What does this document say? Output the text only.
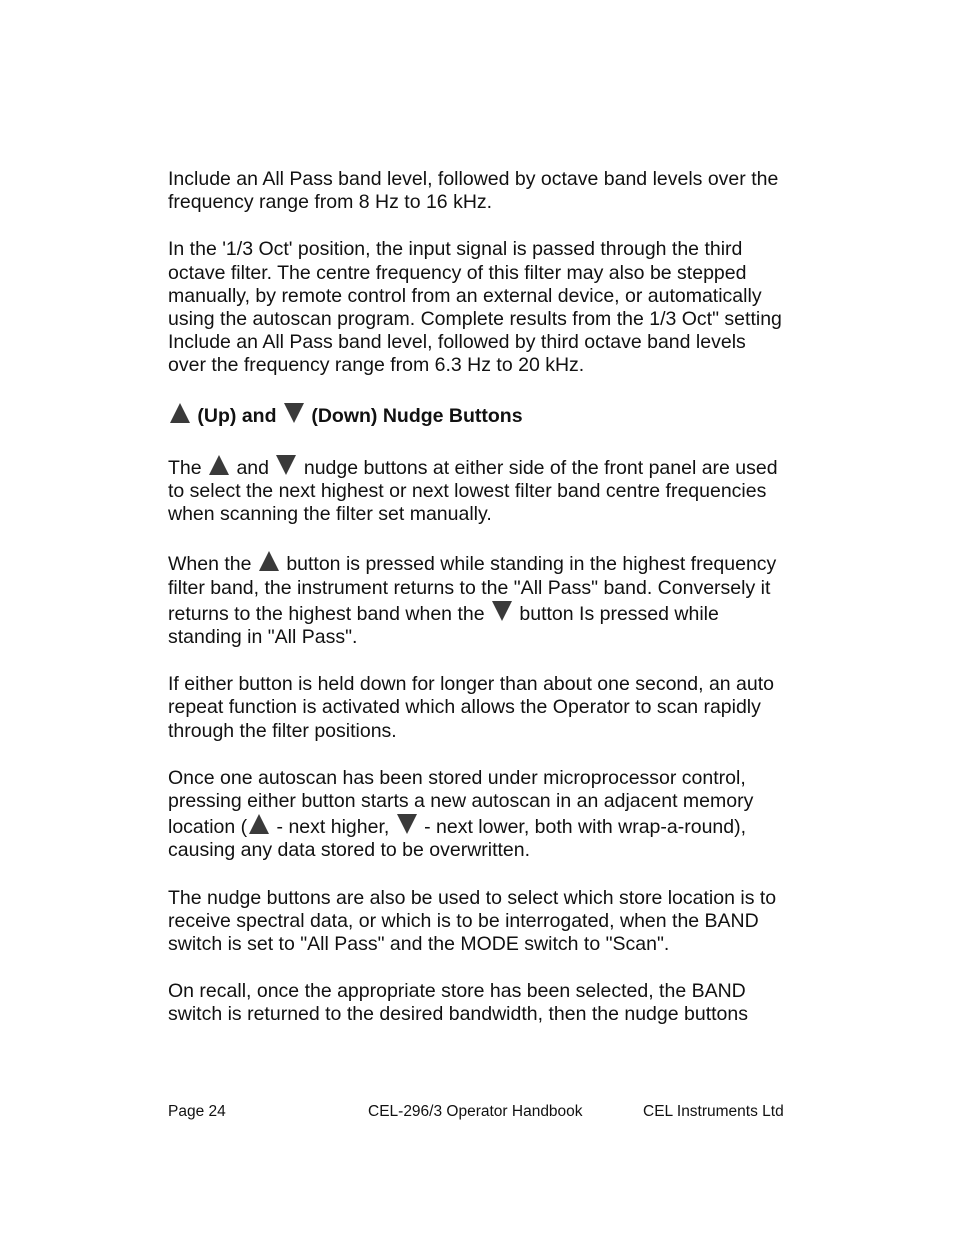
Include an All Pass band level, followed by octave band levels over the frequency range from 8 Hz to 16 kHz.

In the '1/3 Oct' position, the input signal is passed through the third octave filter. The centre frequency of this filter may also be stepped manually, by remote control from an external device, or automatically using the autoscan program. Complete results from the 1/3 Oct" setting Include an All Pass band level, followed by third octave band levels over the frequency range from 6.3 Hz to 20 kHz.

(Up) and (Down) Nudge Buttons

The and nudge buttons at either side of the front panel are used to select the next highest or next lowest filter band centre frequencies when scanning the filter set manually.

When the button is pressed while standing in the highest frequency filter band, the instrument returns to the "All Pass" band. Conversely it returns to the highest band when the button Is pressed while standing in "All Pass".

If either button is held down for longer than about one second, an auto repeat function is activated which allows the Operator to scan rapidly through the filter positions.

Once one autoscan has been stored under microprocessor control, pressing either button starts a new autoscan in an adjacent memory location ( - next higher, - next lower, both with wrap-a-round), causing any data stored to be overwritten.

The nudge buttons are also be used to select which store location is to receive spectral data, or which is to be interrogated, when the BAND switch is set to "All Pass" and the MODE switch to "Scan".

On recall, once the appropriate store has been selected, the BAND switch is returned to the desired bandwidth, then the nudge buttons

Page 24	CEL-296/3 Operator Handbook	CEL Instruments Ltd
